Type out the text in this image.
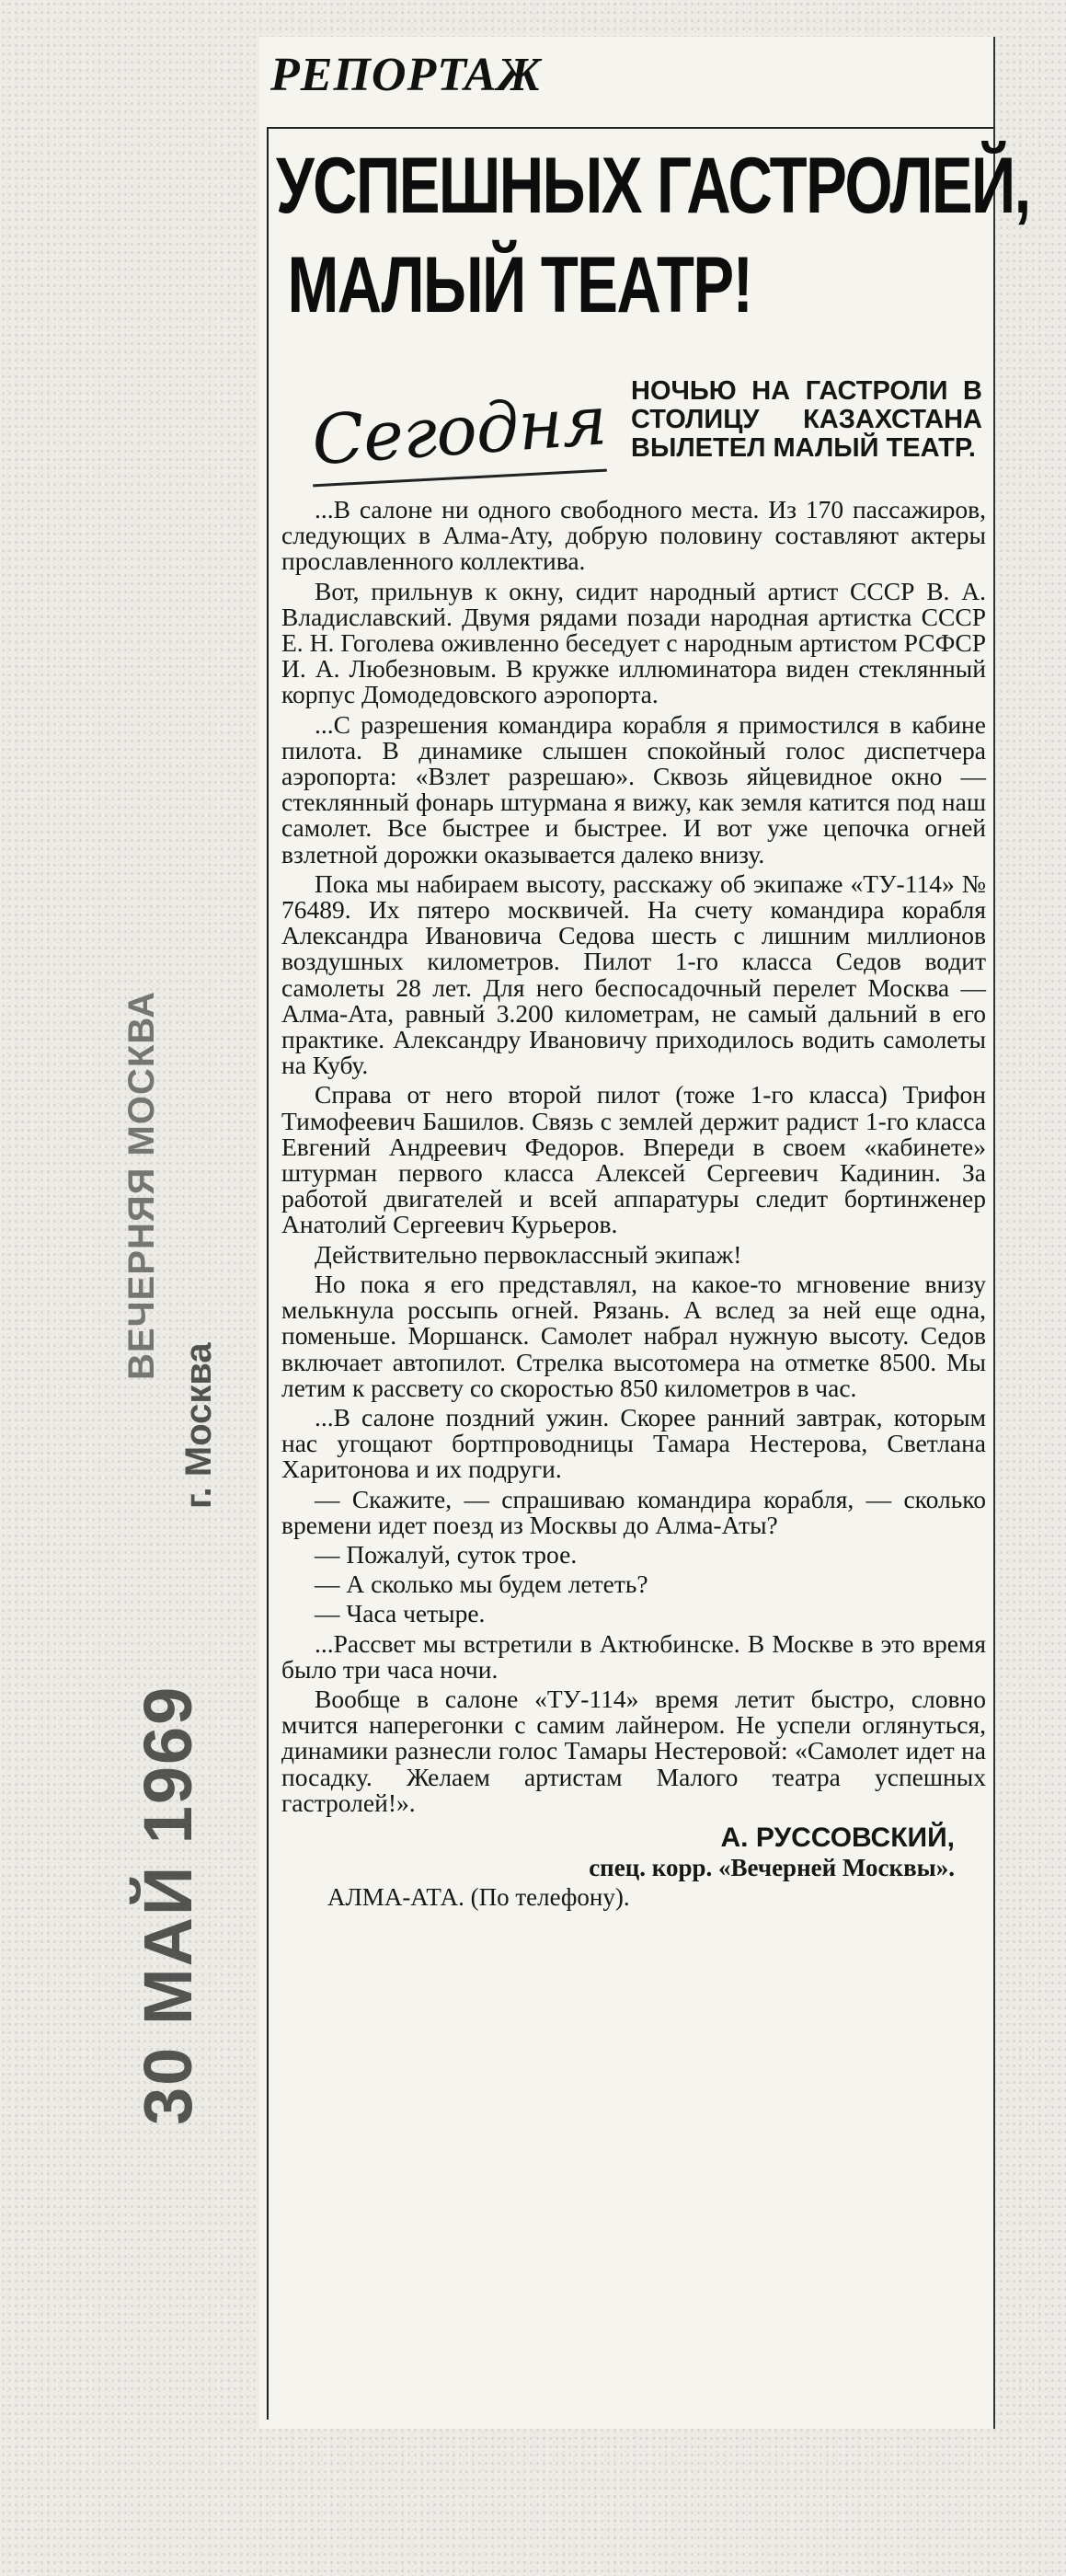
РЕПОРТАЖ
УСПЕШНЫХ ГАСТРОЛЕЙ,
МАЛЫЙ ТЕАТР!
Сегодня НОЧЬЮ НА ГАСТРОЛИ В СТОЛИЦУ КАЗАХСТАНА ВЫЛЕТЕЛ МАЛЫЙ ТЕАТР.

...В салоне ни одного свободного места. Из 170 пассажиров, следующих в Алма-Ату, добрую половину составляют актеры прославленного коллектива.

Вот, прильнув к окну, сидит народный артист СССР В. А. Владиславский. Двумя рядами позади народная артистка СССР Е. Н. Гоголева оживленно беседует с народным артистом РСФСР И. А. Любезновым. В кружке иллюминатора виден стеклянный корпус Домодедовского аэропорта.

...С разрешения командира корабля я примостился в кабине пилота. В динамике слышен спокойный голос диспетчера аэропорта: «Взлет разрешаю». Сквозь яйцевидное окно — стеклянный фонарь штурмана я вижу, как земля катится под наш самолет. Все быстрее и быстрее. И вот уже цепочка огней взлетной дорожки оказывается далеко внизу.

Пока мы набираем высоту, расскажу об экипаже «ТУ-114» № 76489. Их пятеро москвичей. На счету командира корабля Александра Ивановича Седова шесть с лишним миллионов воздушных километров. Пилот 1-го класса Седов водит самолеты 28 лет. Для него беспосадочный перелет Москва — Алма-Ата, равный 3.200 километрам, не самый дальний в его практике. Александру Ивановичу приходилось водить самолеты на Кубу.

Справа от него второй пилот (тоже 1-го класса) Трифон Тимофеевич Башилов. Связь с землей держит радист 1-го класса Евгений Андреевич Федоров. Впереди в своем «кабинете» штурман первого класса Алексей Сергеевич Кадинин. За работой двигателей и всей аппаратуры следит бортинженер Анатолий Сергеевич Курьеров.

Действительно первоклассный экипаж!

Но пока я его представлял, на какое-то мгновение внизу мелькнула россыпь огней. Рязань. А вслед за ней еще одна, поменьше. Моршанск. Самолет набрал нужную высоту. Седов включает автопилот. Стрелка высотомера на отметке 8500. Мы летим к рассвету со скоростью 850 километров в час.

...В салоне поздний ужин. Скорее ранний завтрак, которым нас угощают бортпроводницы Тамара Нестерова, Светлана Харитонова и их подруги.

— Скажите, — спрашиваю командира корабля, — сколько времени идет поезд из Москвы до Алма-Аты?

— Пожалуй, суток трое.

— А сколько мы будем лететь?

— Часа четыре.

...Рассвет мы встретили в Актюбинске. В Москве в это время было три часа ночи.

Вообще в салоне «ТУ-114» время летит быстро, словно мчится наперегонки с самим лайнером. Не успели оглянуться, динамики разнесли голос Тамары Нестеровой: «Самолет идет на посадку. Желаем артистам Малого театра успешных гастролей!».

А. РУССОВСКИЙ,

спец. корр. «Вечерней Москвы».

АЛМА-АТА. (По телефону).

ВЕЧЕРНЯЯ МОСКВА
г. Москва
30 МАЙ 1969
